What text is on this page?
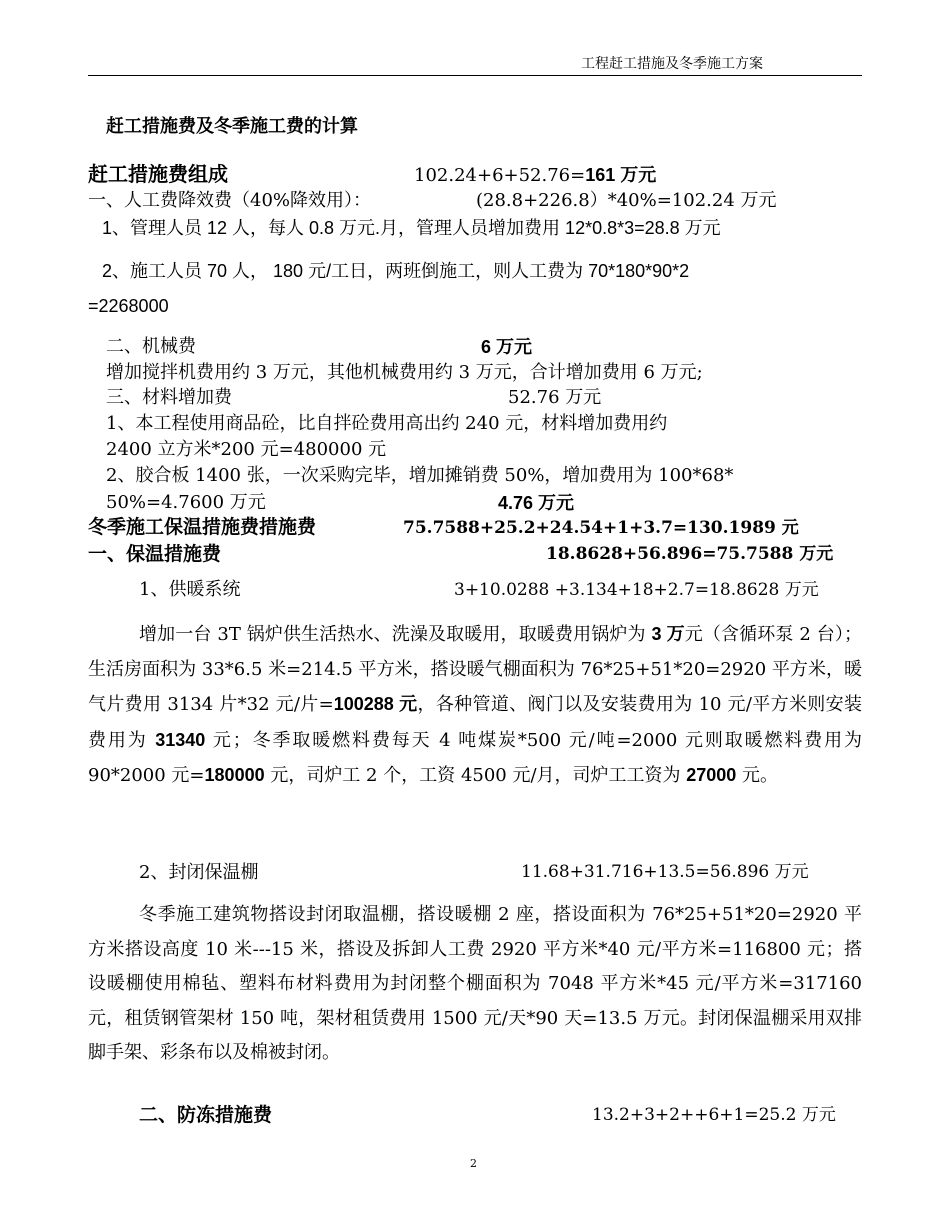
工程赶工措施及冬季施工方案
赶工措施费及冬季施工费的计算
赶工措施费组成	102.24+6+52.76=161 万元
一、人工费降效费（40%降效用）：	(28.8+226.8）*40%=102.24 万元
1、管理人员 12 人，每人 0.8 万元.月，管理人员增加费用 12*0.8*3=28.8 万元
2、施工人员 70 人， 180 元/工日，两班倒施工，则人工费为 70*180*90*2
=2268000
二、机械费	6 万元
增加搅拌机费用约 3 万元，其他机械费用约 3 万元，合计增加费用 6 万元;
三、材料增加费	52.76 万元
1、本工程使用商品砼，比自拌砼费用高出约 240 元，材料增加费用约
2400 立方米*200 元=480000 元
2、胶合板 1400 张，一次采购完毕，增加摊销费 50%，增加费用为 100*68*
50%=4.7600 万元	4.76 万元
冬季施工保温措施费措施费	75.7588+25.2+24.54+1+3.7=130.1989 元
一、保温措施费	18.8628+56.896=75.7588 万元
1、供暖系统	3+10.0288 +3.134+18+2.7=18.8628 万元
增加一台 3T 锅炉供生活热水、洗澡及取暖用，取暖费用锅炉为 3 万元（含循环泵 2 台）；生活房面积为 33*6.5 米=214.5 平方米，搭设暖气棚面积为 76*25+51*20=2920 平方米，暖气片费用 3134 片*32 元/片=100288 元，各种管道、阀门以及安装费用为 10 元/平方米则安装费用为 31340 元；冬季取暖燃料费每天 4 吨煤炭*500 元/吨=2000 元则取暖燃料费用为 90*2000 元=180000 元，司炉工 2 个，工资 4500 元/月，司炉工工资为 27000 元。
2、封闭保温棚	11.68+31.716+13.5=56.896 万元
冬季施工建筑物搭设封闭取温棚，搭设暖棚 2 座，搭设面积为 76*25+51*20=2920 平方米搭设高度 10 米---15 米，搭设及拆卸人工费 2920 平方米*40 元/平方米=116800 元；搭设暖棚使用棉毡、塑料布材料费用为封闭整个棚面积为 7048 平方米*45 元/平方米=317160 元，租赁钢管架材 150 吨，架材租赁费用 1500 元/天*90 天=13.5 万元。封闭保温棚采用双排脚手架、彩条布以及棉被封闭。
二、防冻措施费	13.2+3+2++6+1=25.2 万元
2
